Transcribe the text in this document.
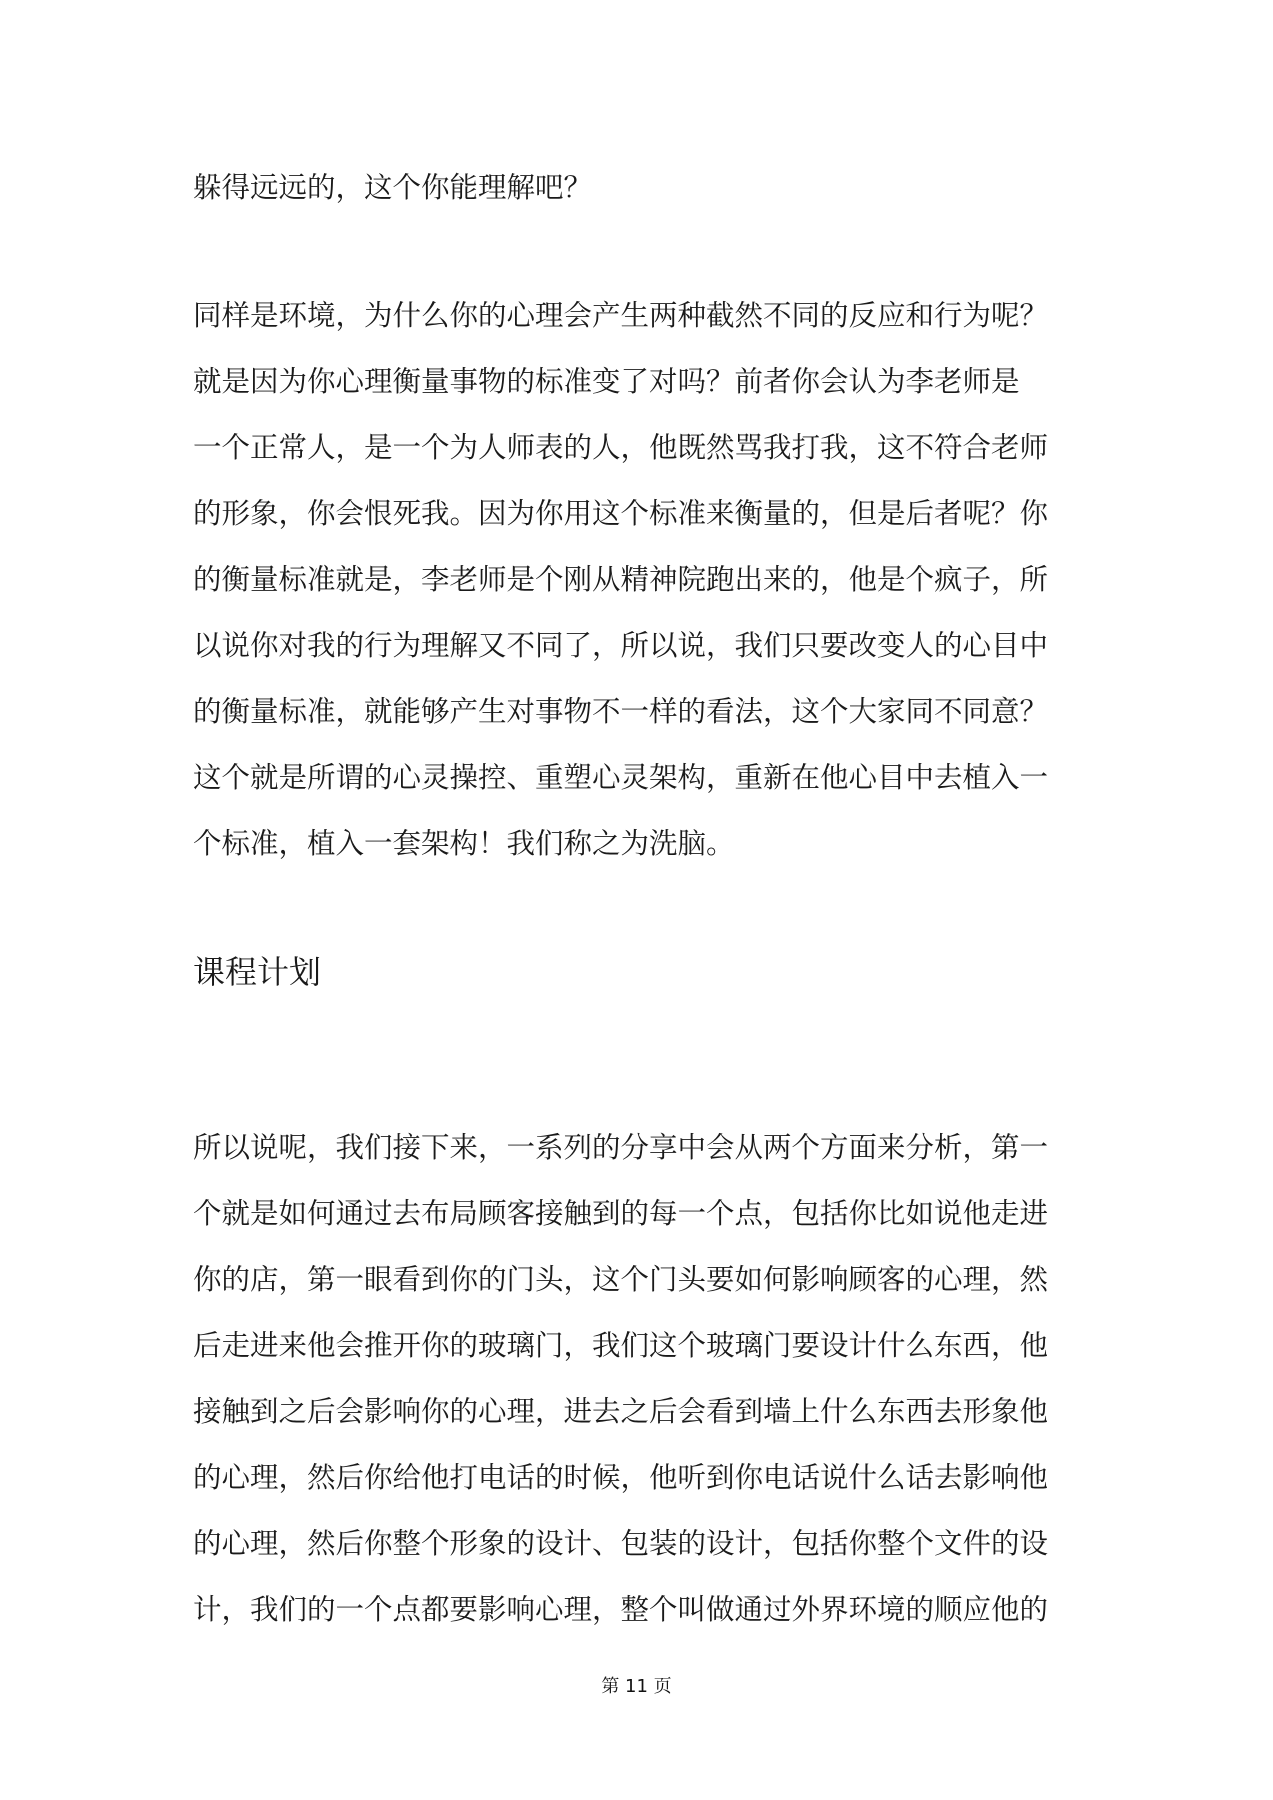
躲得远远的，这个你能理解吧？

同样是环境，为什么你的心理会产生两种截然不同的反应和行为呢？
就是因为你心理衡量事物的标准变了对吗？前者你会认为李老师是
一个正常人，是一个为人师表的人，他既然骂我打我，这不符合老师
的形象，你会恨死我。因为你用这个标准来衡量的，但是后者呢？你
的衡量标准就是，李老师是个刚从精神院跑出来的，他是个疯子，所
以说你对我的行为理解又不同了，所以说，我们只要改变人的心目中
的衡量标准，就能够产生对事物不一样的看法，这个大家同不同意？
这个就是所谓的心灵操控、重塑心灵架构，重新在他心目中去植入一
个标准，植入一套架构！我们称之为洗脑。

课程计划

所以说呢，我们接下来，一系列的分享中会从两个方面来分析，第一
个就是如何通过去布局顾客接触到的每一个点，包括你比如说他走进
你的店，第一眼看到你的门头，这个门头要如何影响顾客的心理，然
后走进来他会推开你的玻璃门，我们这个玻璃门要设计什么东西，他
接触到之后会影响你的心理，进去之后会看到墙上什么东西去形象他
的心理，然后你给他打电话的时候，他听到你电话说什么话去影响他
的心理，然后你整个形象的设计、包装的设计，包括你整个文件的设
计，我们的一个点都要影响心理，整个叫做通过外界环境的顺应他的

第 11 页
